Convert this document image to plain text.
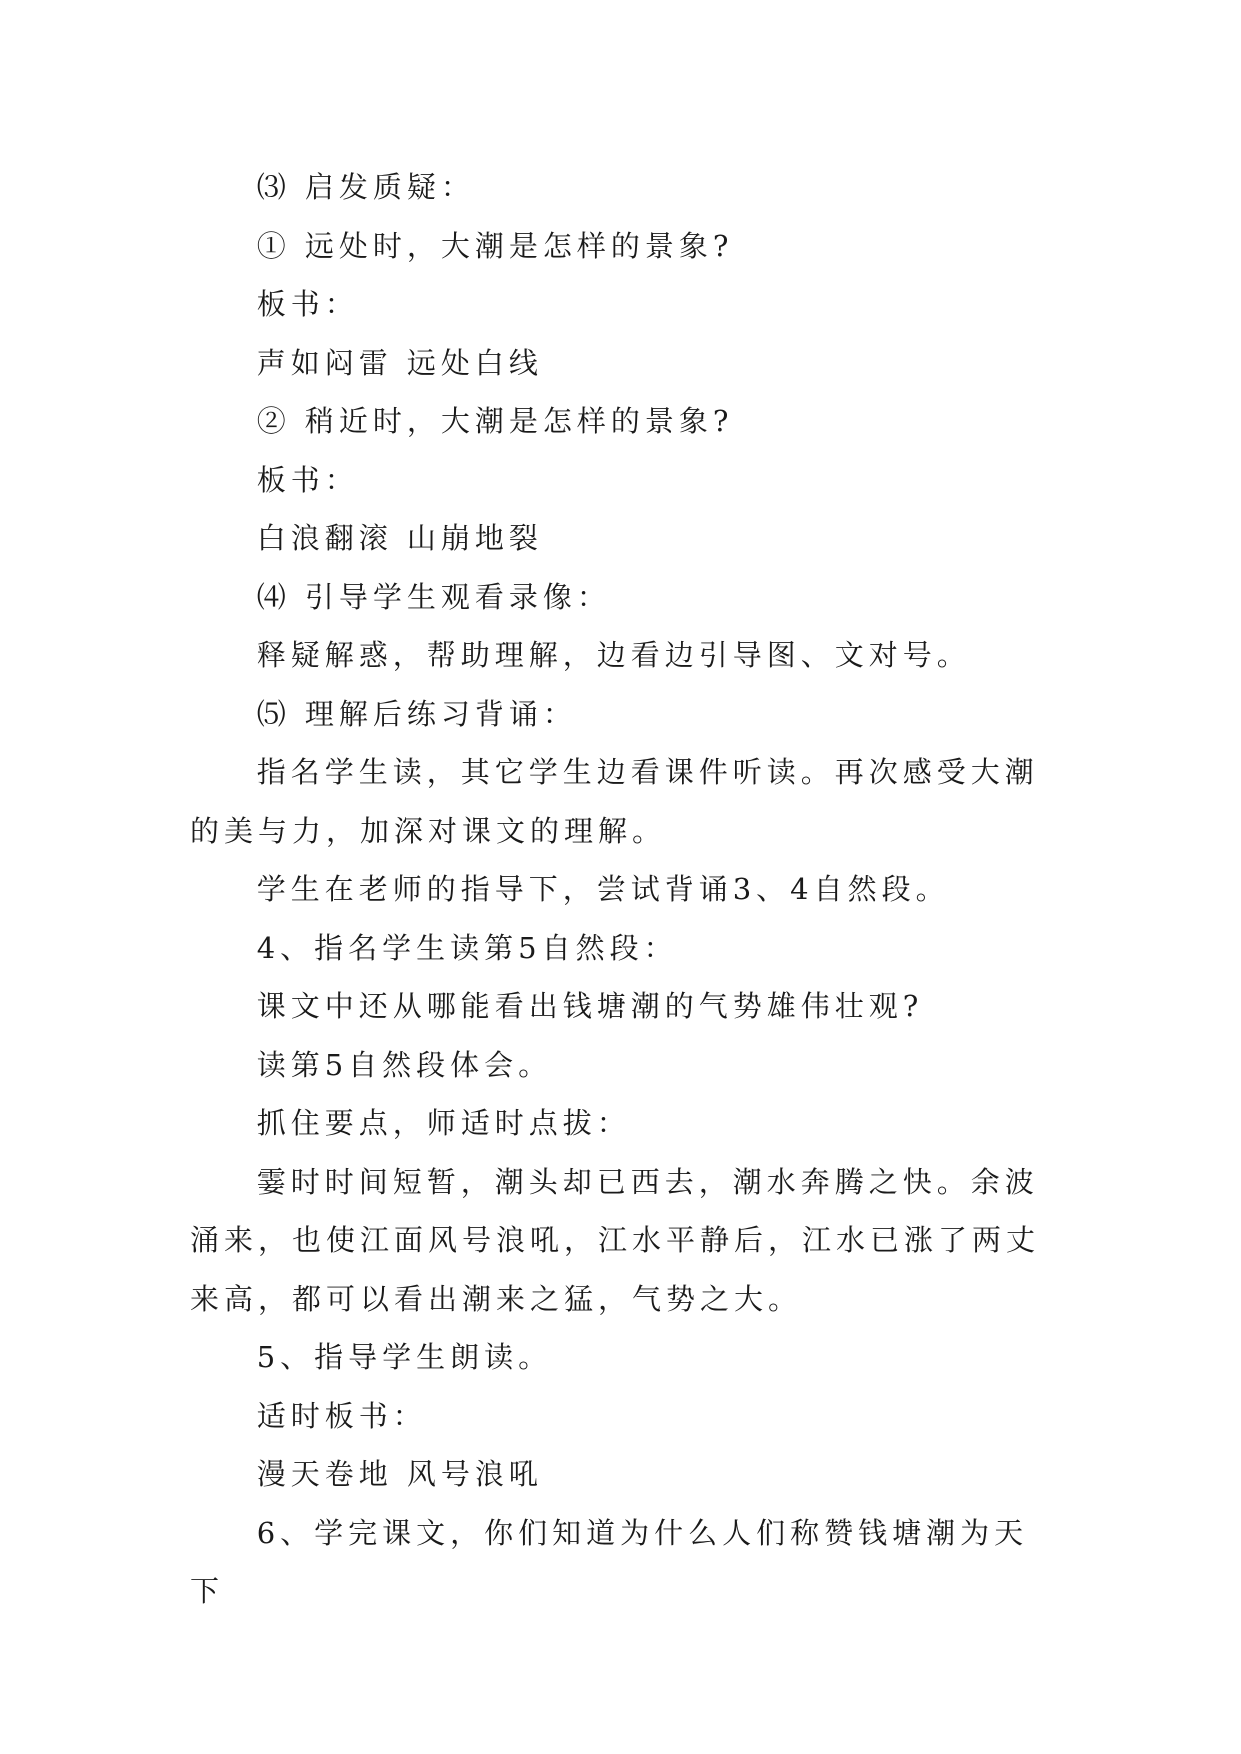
⑶ 启发质疑：

① 远处时，大潮是怎样的景象?

板书：

声如闷雷 远处白线

② 稍近时，大潮是怎样的景象?

板书：

白浪翻滚 山崩地裂

⑷ 引导学生观看录像：

释疑解惑，帮助理解，边看边引导图、文对号。

⑸ 理解后练习背诵：

指名学生读，其它学生边看课件听读。再次感受大潮的美与力，加深对课文的理解。

学生在老师的指导下，尝试背诵3、4自然段。

4、指名学生读第5自然段：

课文中还从哪能看出钱塘潮的气势雄伟壮观?

读第5自然段体会。

抓住要点，师适时点拔：

霎时时间短暂，潮头却已西去，潮水奔腾之快。余波涌来，也使江面风号浪吼，江水平静后，江水已涨了两丈来高，都可以看出潮来之猛，气势之大。

5、指导学生朗读。

适时板书：

漫天卷地 风号浪吼

6、学完课文，你们知道为什么人们称赞钱塘潮为天下
